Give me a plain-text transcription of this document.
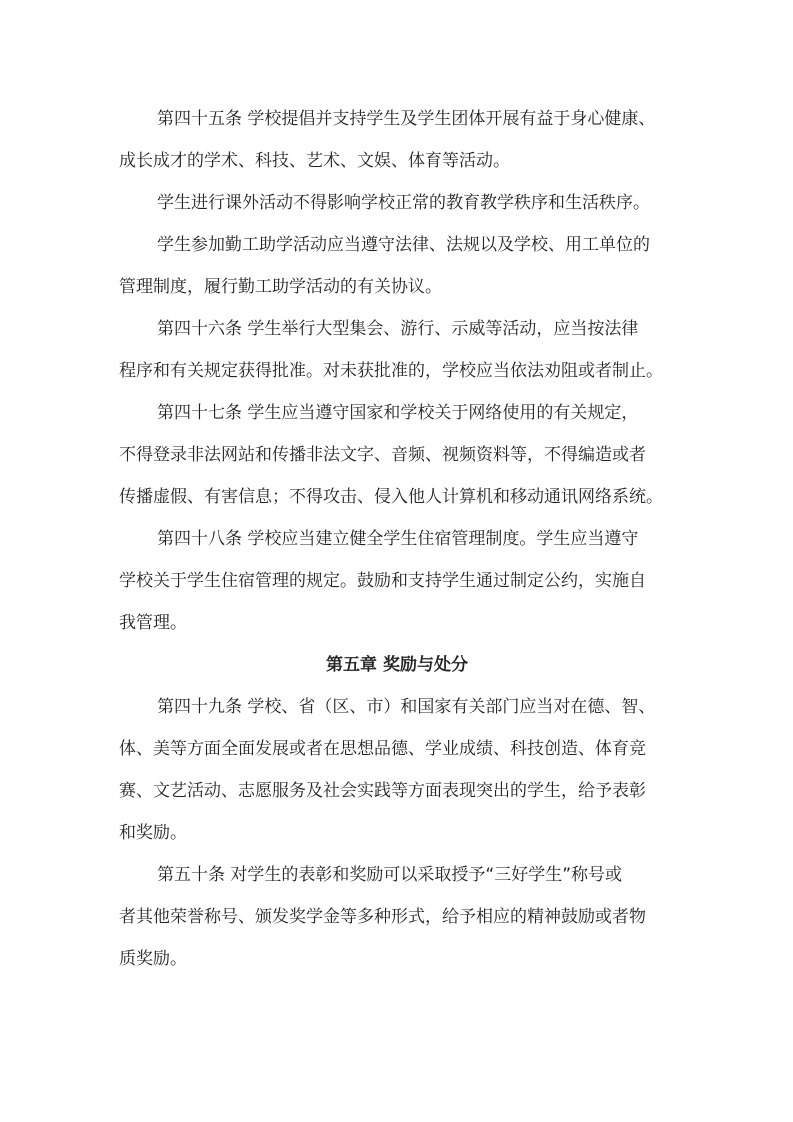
第四十五条 学校提倡并支持学生及学生团体开展有益于身心健康、
成长成才的学术、科技、艺术、文娱、体育等活动。
学生进行课外活动不得影响学校正常的教育教学秩序和生活秩序。
学生参加勤工助学活动应当遵守法律、法规以及学校、用工单位的
管理制度，履行勤工助学活动的有关协议。
第四十六条 学生举行大型集会、游行、示威等活动，应当按法律
程序和有关规定获得批准。对未获批准的，学校应当依法劝阻或者制止。
第四十七条 学生应当遵守国家和学校关于网络使用的有关规定，
不得登录非法网站和传播非法文字、音频、视频资料等，不得编造或者
传播虚假、有害信息；不得攻击、侵入他人计算机和移动通讯网络系统。
第四十八条 学校应当建立健全学生住宿管理制度。学生应当遵守
学校关于学生住宿管理的规定。鼓励和支持学生通过制定公约，实施自
我管理。
第五章 奖励与处分
第四十九条 学校、省（区、市）和国家有关部门应当对在德、智、
体、美等方面全面发展或者在思想品德、学业成绩、科技创造、体育竞
赛、文艺活动、志愿服务及社会实践等方面表现突出的学生，给予表彰
和奖励。
第五十条 对学生的表彰和奖励可以采取授予“三好学生”称号或
者其他荣誉称号、颁发奖学金等多种形式，给予相应的精神鼓励或者物
质奖励。
